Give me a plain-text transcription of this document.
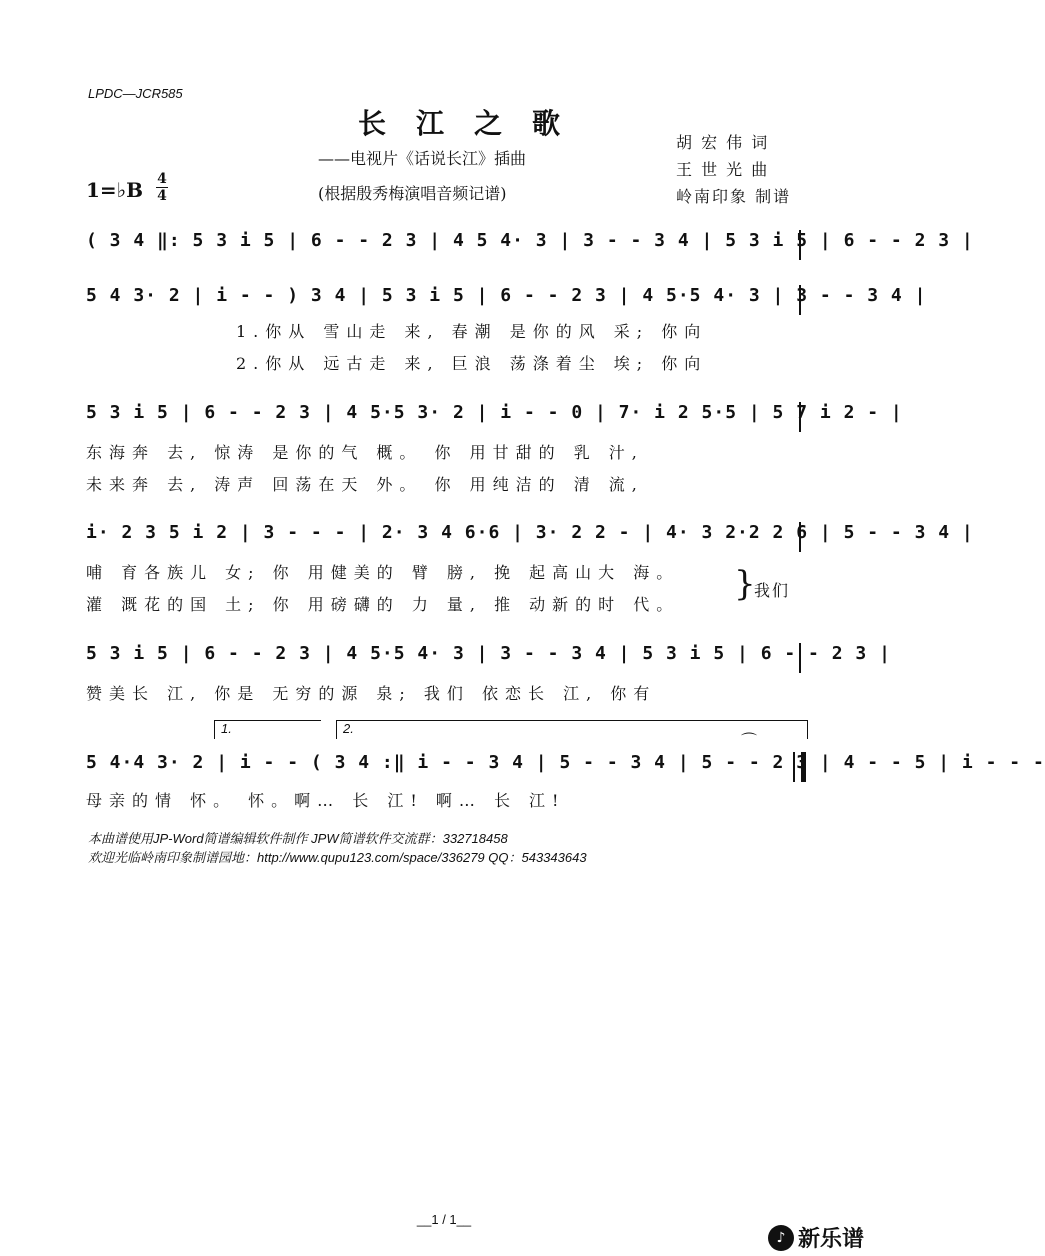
LPDC—JCR585
长江之歌
——电视片《话说长江》插曲
(根据殷秀梅演唱音频记谱)
胡 宏 伟 词
王 世 光 曲
岭南印象 制谱
1=♭B 4
4
( 3 4 ‖: 5 3 i 5 | 6 - - 2 3 | 4 5 4· 3 | 3 - - 3 4 | 5 3 i 5 | 6 - - 2 3 |
5 4 3· 2 | i - - ) 3 4 | 5 3 i 5 | 6 - - 2 3 | 4 5·5 4· 3 | 3 - - 3 4 |
1.你从 雪山走 来, 春潮 是你的风 采; 你向
2.你从 远古走 来, 巨浪 荡涤着尘 埃; 你向
5 3 i 5 | 6 - - 2 3 | 4 5·5 3· 2 | i - - 0 | 7· i 2 5·5 | 5 7 i 2 - |
东海奔 去, 惊涛 是你的气 概。 你 用甘甜的 乳 汁,
未来奔 去, 涛声 回荡在天 外。 你 用纯洁的 清 流,
i· 2 3 5 i 2 | 3 - - - | 2· 3 4 6·6 | 3· 2 2 - | 4· 3 2·2 2 6 | 5 - - 3 4 |
哺 育各族儿 女; 你 用健美的 臂 膀, 挽 起高山大 海。
灌 溉花的国 土; 你 用磅礴的 力 量, 推 动新的时 代。
}
我们
5 3 i 5 | 6 - - 2 3 | 4 5·5 4· 3 | 3 - - 3 4 | 5 3 i 5 | 6 - - 2 3 |
赞美长 江, 你是 无穷的源 泉; 我们 依恋长 江, 你有
1.	2.
5 4·4 3· 2 | i - - ( 3 4 :‖ i - - 3 4 | 5 - - 3 4 | 5 - - 2 3 | 4 - - 5 | i - - -
⌒
母亲的情 怀。 怀。啊… 长 江! 啊… 长 江!
本曲谱使用JP-Word简谱编辑软件制作 JPW简谱软件交流群：332718458
欢迎光临岭南印象制谱园地：http://www.qupu123.com/space/336279 QQ：543343643
__1 / 1__
♪ 新乐谱
